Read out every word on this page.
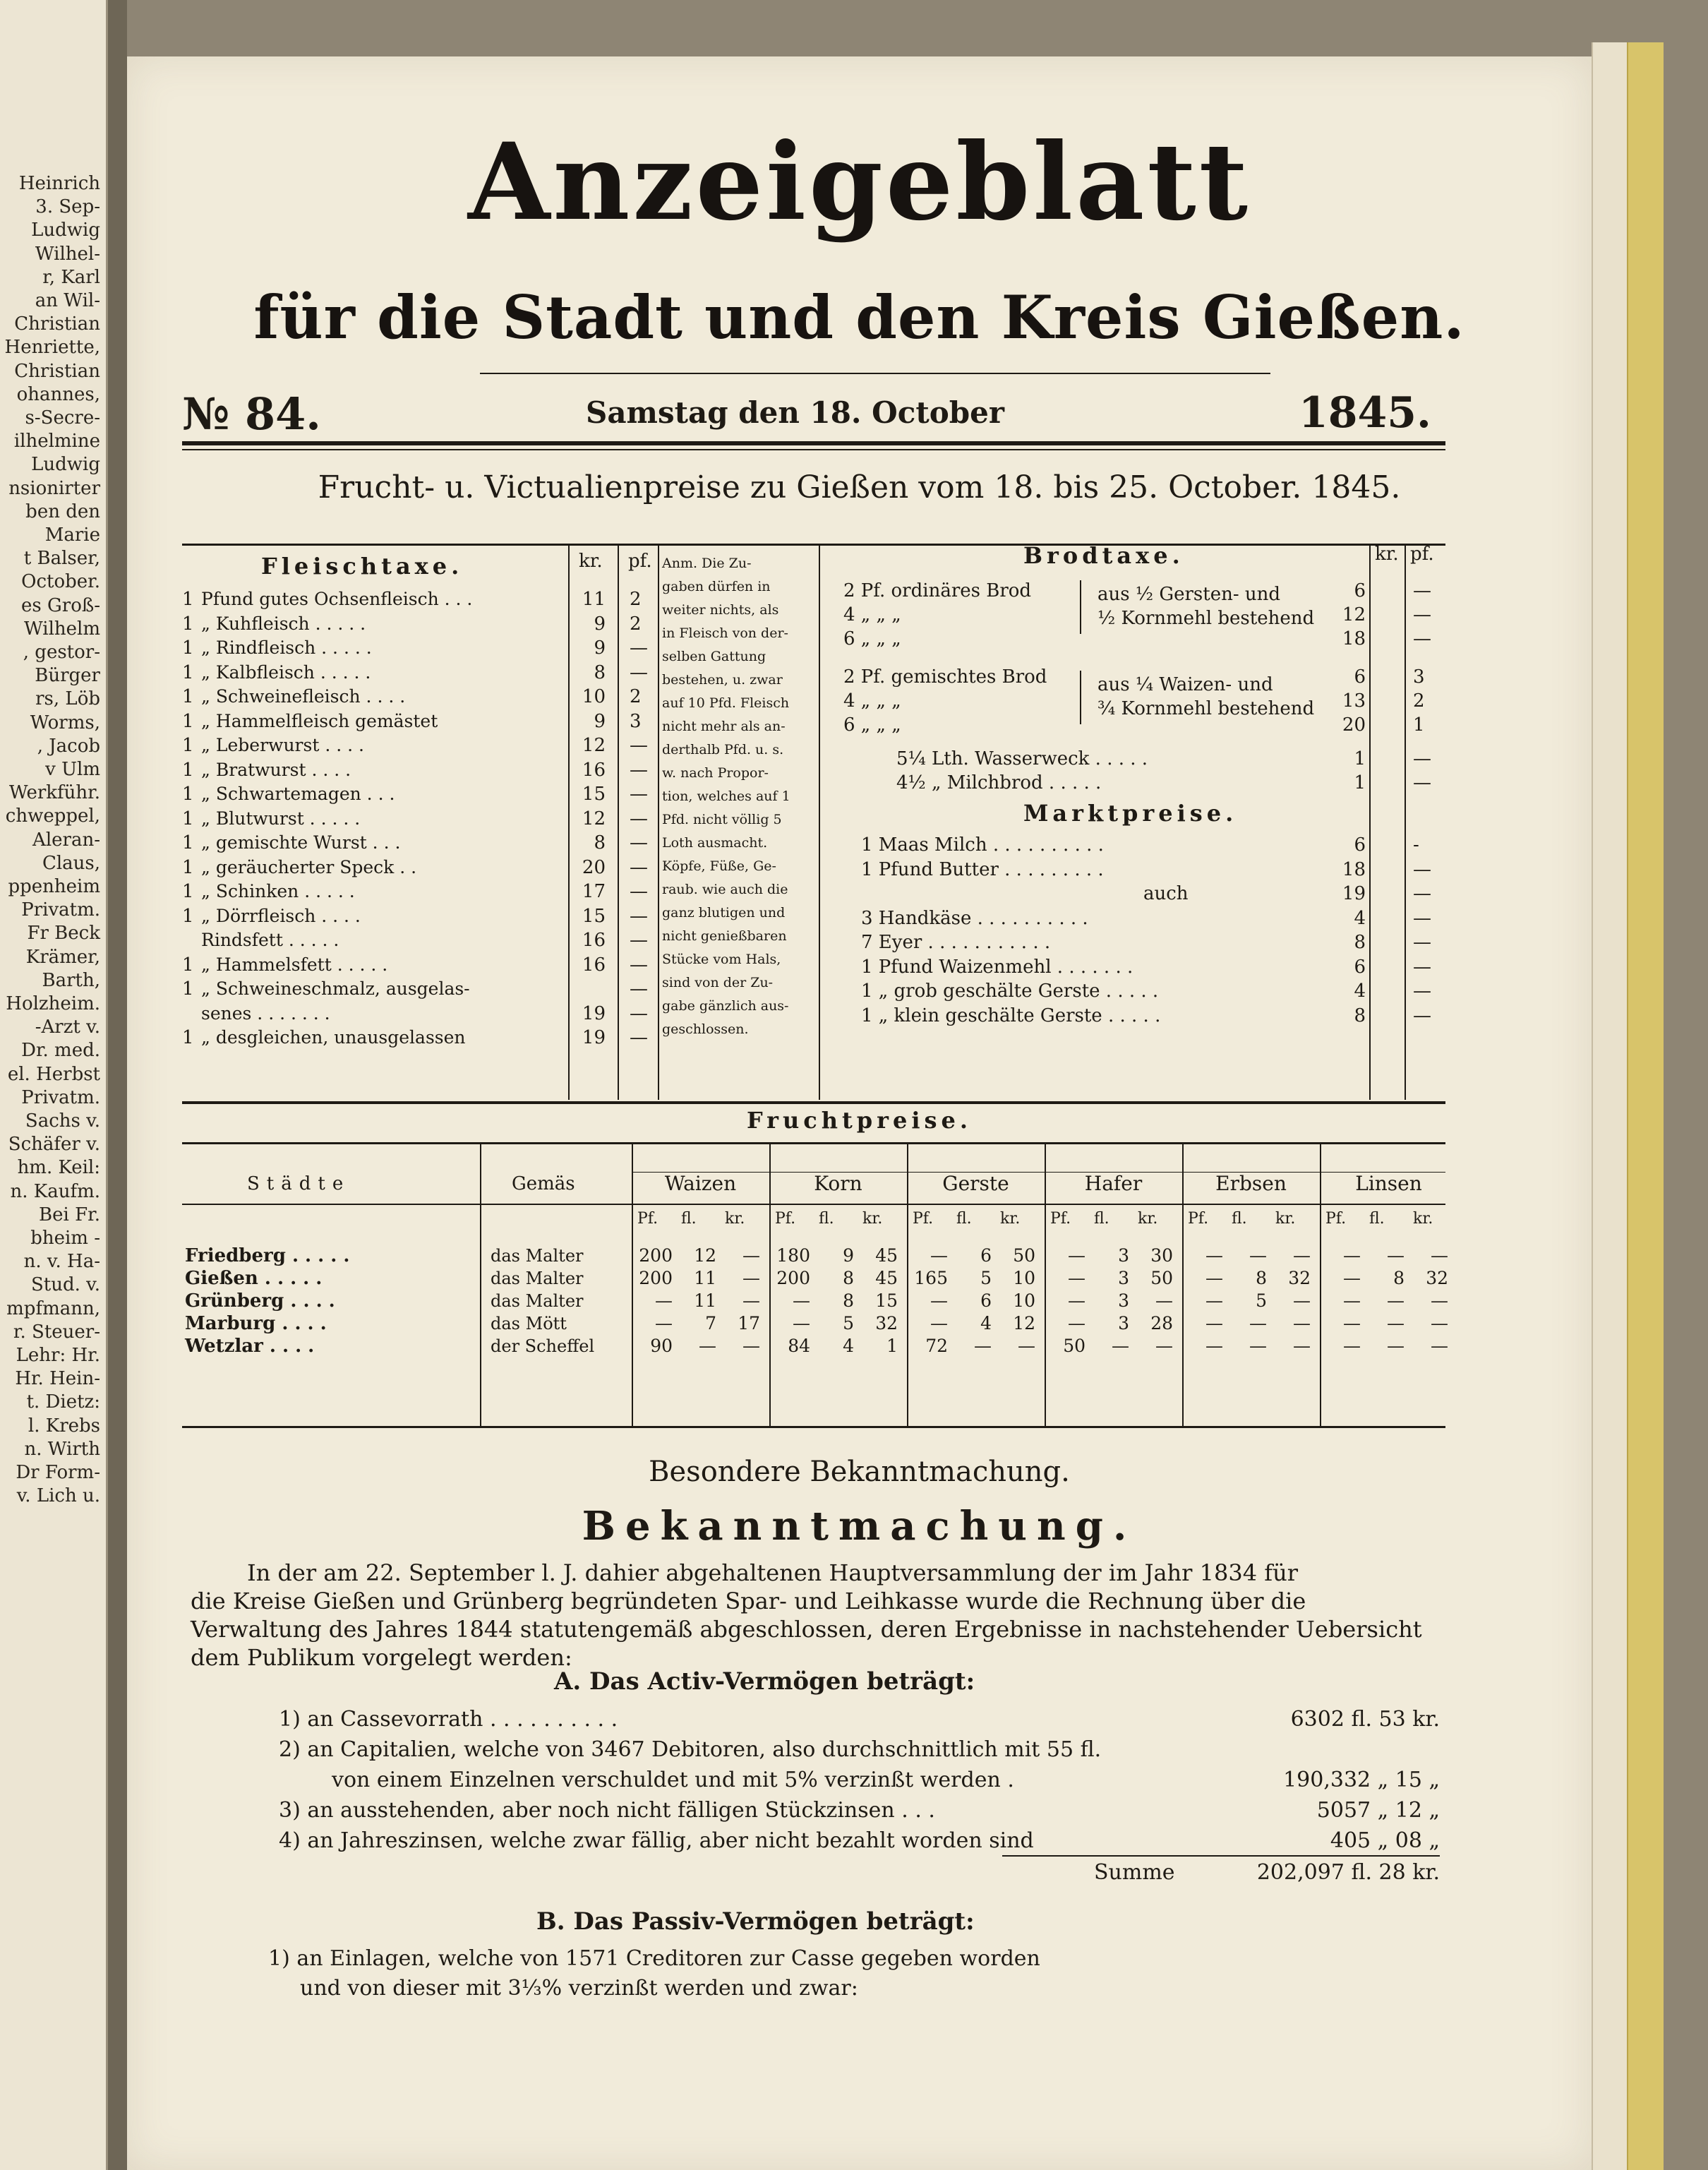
Heinrich
3. Sep-
Ludwig
Wilhel-
r, Karl
an Wil-
Christian
Henriette,
Christian
ohannes,
s-Secre-
ilhelmine
Ludwig
nsionirter
ben den
Marie
t Balser,
October.
es Groß-
Wilhelm
, gestor-
Bürger
rs, Löb
Worms,
, Jacob
v Ulm
Werkführ.
chweppel,
Aleran-
Claus,
ppenheim
Privatm.
Fr Beck
Krämer,
Barth,
Holzheim.
-Arzt v.
Dr. med.
el. Herbst
Privatm.
Sachs v.
Schäfer v.
hm. Keil:
n. Kaufm.
Bei Fr.
bheim -
n. v. Ha-
Stud. v.
mpfmann,
r. Steuer-
Lehr: Hr.
Hr. Hein-
t. Dietz:
l. Krebs
n. Wirth
Dr Form-
v. Lich u.
Anzeigeblatt
für die Stadt und den Kreis Gießen.
№ 84.	Samstag den 18. October	1845.
Frucht- u. Victualienpreise zu Gießen vom 18. bis 25. October. 1845.
Fleischtaxe.	kr. pf.
1 Pfund gutes Ochsenfleisch . . .	11 2
1 „ Kuhfleisch . . . . .	9 2
1 „ Rindfleisch . . . . .	9 —
1 „ Kalbfleisch . . . . .	8 —
1 „ Schweinefleisch . . . .	10 2
1 „ Hammelfleisch gemästet	9 3
1 „ Leberwurst . . . .	12 —
1 „ Bratwurst . . . .	16 —
1 „ Schwartemagen . . .	15 —
1 „ Blutwurst . . . . .	12 —
1 „ gemischte Wurst . . .	8 —
1 „ geräucherter Speck . .	20 —
1 „ Schinken . . . . .	17 —
1 „ Dörrfleisch . . . .	15 —
Rindsfett . . . . .	16 —
1 „ Hammelsfett . . . . .	16 —
1 „ Schweineschmalz, ausgelas-	—
senes . . . . . . .	19 —
1 „ desgleichen, unausgelassen	19 —
Anm. Die Zu-
gaben dürfen in
weiter nichts, als
in Fleisch von der-
selben Gattung
bestehen, u. zwar
auf 10 Pfd. Fleisch
nicht mehr als an-
derthalb Pfd. u. s.
w. nach Propor-
tion, welches auf 1
Pfd. nicht völlig 5
Loth ausmacht.
Köpfe, Füße, Ge-
raub. wie auch die
ganz blutigen und
nicht genießbaren
Stücke vom Hals,
sind von der Zu-
gabe gänzlich aus-
geschlossen.
Brodtaxe.	kr. pf.
2 Pf. ordinäres Brod	6	—
4 „ „ „	12	—
6 „ „ „	18	—
2 Pf. gemischtes Brod	6	3
4 „ „ „	13	2
6 „ „ „	20	1
5¼ Lth. Wasserweck . . . . .	1	—
4½ „ Milchbrod . . . . .	1	—
aus ½ Gersten- und
½ Kornmehl bestehend
aus ¼ Waizen- und
¾ Kornmehl bestehend
Marktpreise.
1 Maas Milch . . . . . . . . . .	6	-
1 Pfund Butter . . . . . . . . .	18	—
auch	19	—
3 Handkäse . . . . . . . . . .	4	—
7 Eyer . . . . . . . . . . .	8	—
1 Pfund Waizenmehl . . . . . . .	6	—
1 „ grob geschälte Gerste . . . . .	4	—
1 „ klein geschälte Gerste . . . . .	8	—
Fruchtpreise.
Städte	Gemäs	Waizen
Pf. fl. kr.
Korn
Pf. fl. kr.
Gerste
Pf. fl. kr.
Hafer
Pf. fl. kr.
Erbsen
Pf. fl. kr.
Linsen
Pf. fl. kr.
Friedberg . . . . .	das Malter	200	12	— 180	9	45	—	6	50	—	3	30	—	—	—	—	—	—
Gießen . . . . .	das Malter	200	11	— 200	8	45 165	5	10	—	3	50	—	8	32	—	8	32
Grünberg . . . .	das Malter	—	11	—	—	8	15	—	6	10	—	3	—	—	5	—	—	—	—
Marburg . . . .	das Mött	—	7	17	—	5	32	—	4	12	—	3	28	—	—	—	—	—	—
Wetzlar . . . .	der Scheffel	90	—	—	84	4	1	72	—	—	50	—	—	—	—	—	—	—	—
Besondere Bekanntmachung.
Bekanntmachung.
In der am 22. September l. J. dahier abgehaltenen Hauptversammlung der im Jahr 1834 für
die Kreise Gießen und Grünberg begründeten Spar- und Leihkasse wurde die Rechnung über die
Verwaltung des Jahres 1844 statutengemäß abgeschlossen, deren Ergebnisse in nachstehender Uebersicht
dem Publikum vorgelegt werden:
A. Das Activ-Vermögen beträgt:
1) an Cassevorrath . . . . . . . . . .	6302 fl. 53 kr.
2) an Capitalien, welche von 3467 Debitoren, also durchschnittlich mit 55 fl.
von einem Einzelnen verschuldet und mit 5% verzinßt werden .	190,332 „ 15 „
3) an ausstehenden, aber noch nicht fälligen Stückzinsen . . .	5057 „ 12 „
4) an Jahreszinsen, welche zwar fällig, aber nicht bezahlt worden sind	405 „ 08 „
Summe	202,097 fl. 28 kr.
B. Das Passiv-Vermögen beträgt:
1) an Einlagen, welche von 1571 Creditoren zur Casse gegeben worden
und von dieser mit 3⅓% verzinßt werden und zwar:
